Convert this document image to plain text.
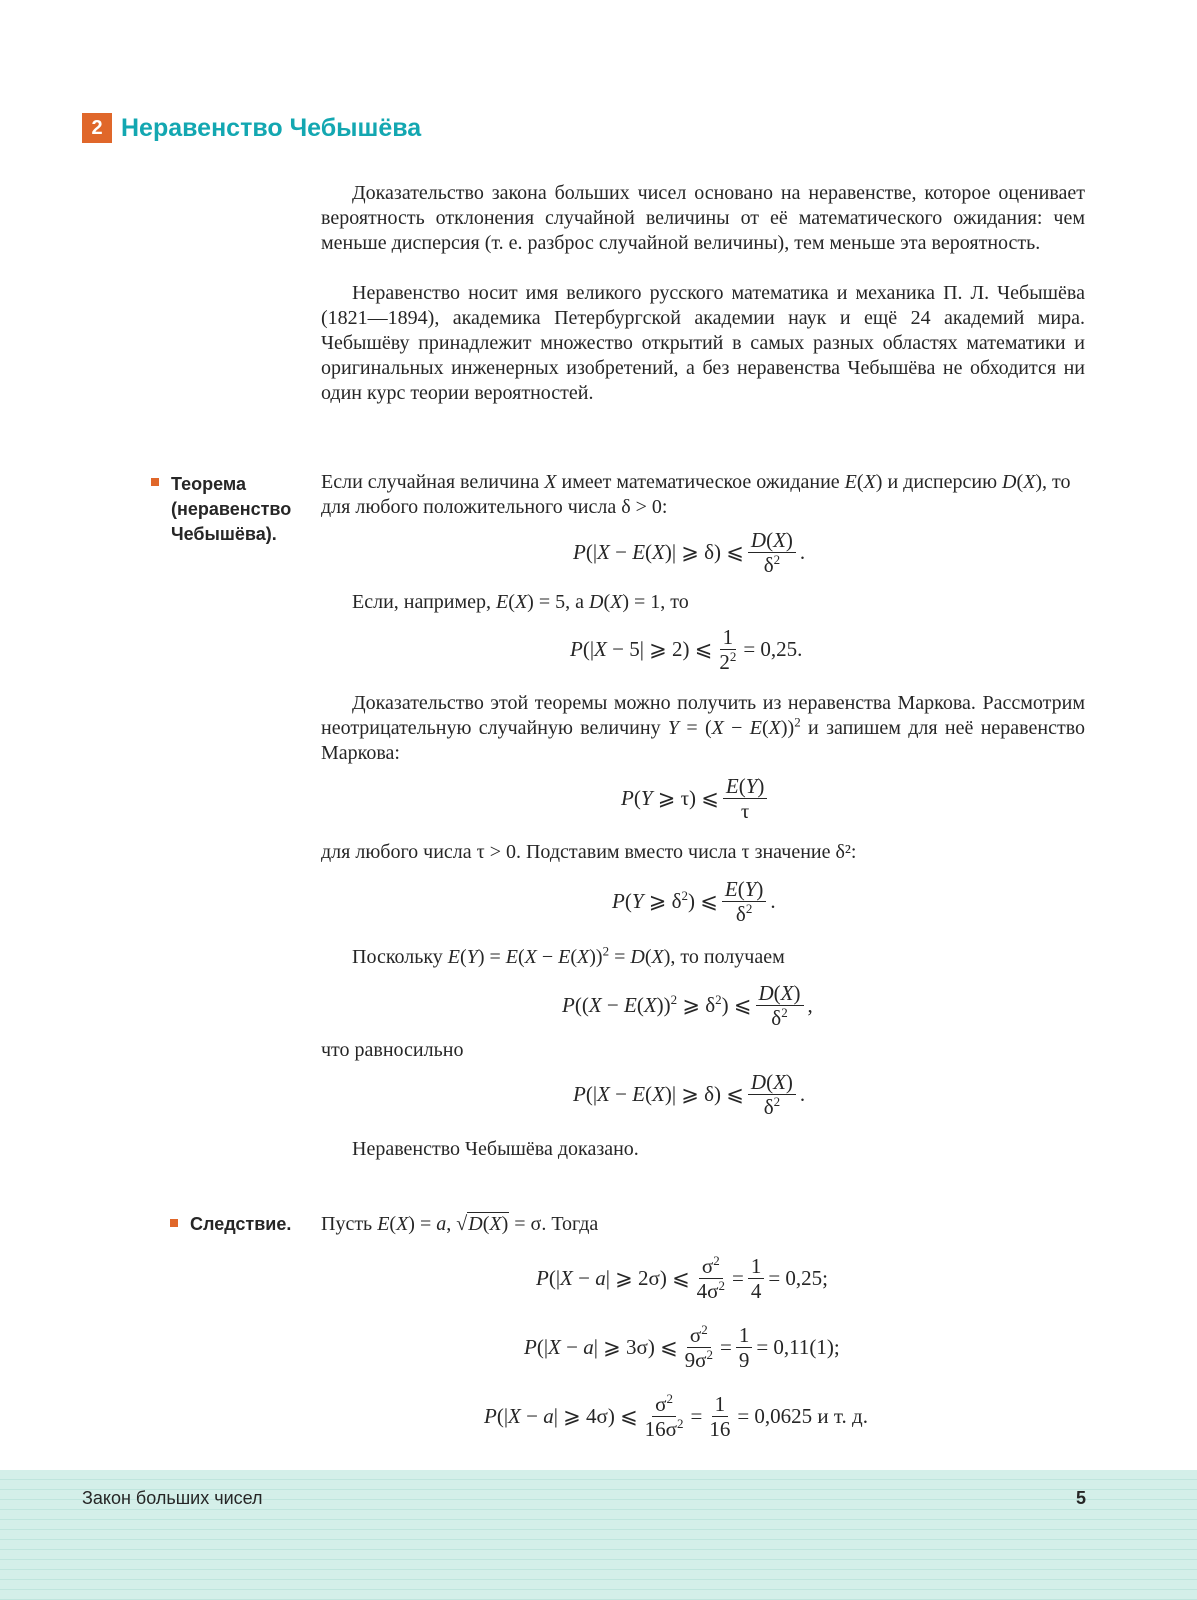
2 Неравенство Чебышёва
Доказательство закона больших чисел основано на неравенстве, которое оценивает вероятность отклонения случайной величины от её математического ожидания: чем меньше дисперсия (т. е. разброс случайной величины), тем меньше эта вероятность.
Неравенство носит имя великого русского математика и механика П. Л. Чебышёва (1821—1894), академика Петербургской академии наук и ещё 24 академий мира. Чебышёву принадлежит множество открытий в самых разных областях математики и оригинальных инженерных изобретений, а без неравенства Чебышёва не обходится ни один курс теории вероятностей.
Теорема
(неравенство
Чебышёва).
Если случайная величина X имеет математическое ожидание E(X) и дисперсию D(X), то для любого положительного числа δ > 0:
P(|X − E(X)| ⩾ δ) ⩽ $\frac{D(X)}{\delta^2}$ .
Если, например, E(X) = 5, а D(X) = 1, то
P(|X − 5| ⩾ 2) ⩽ $\frac{1}{2^2} = 0,25$.
Доказательство этой теоремы можно получить из неравенства Маркова. Рассмотрим неотрицательную случайную величину $Y = (X - E(X))^2$ и запишем для неё неравенство Маркова:
P(Y ⩾ τ) ⩽ $\frac{E(Y)}{\tau}$
для любого числа τ > 0. Подставим вместо числа τ значение δ²:
P(Y ⩾ $\delta^2$) ⩽ $\frac{E(Y)}{\delta^2}$ .
Поскольку $E(Y) = E(X - E(X))^2 = D(X)$, то получаем
$P((X - E(X))^2$ ⩾ $\delta^2$) ⩽ $\frac{D(X)}{\delta^2}$ ,
что равносильно
P(|X − E(X)| ⩾ δ) ⩽ $\frac{D(X)}{\delta^2}$ .
Неравенство Чебышёва доказано.
Следствие. Пусть E(X) = a, √D(X) = σ. Тогда
P(|X − a| ⩾ 2σ) ⩽ $\frac{\sigma^2}{4\sigma^2} = \frac{1}{4} = 0,25$;
P(|X − a| ⩾ 3σ) ⩽ $\frac{\sigma^2}{9\sigma^2} = \frac{1}{9} = 0,11(1)$;
P(|X − a| ⩾ 4σ) ⩽ $\frac{\sigma^2}{16\sigma^2} = \frac{1}{16} = 0,0625$ и т. д.
Закон больших чисел	5
